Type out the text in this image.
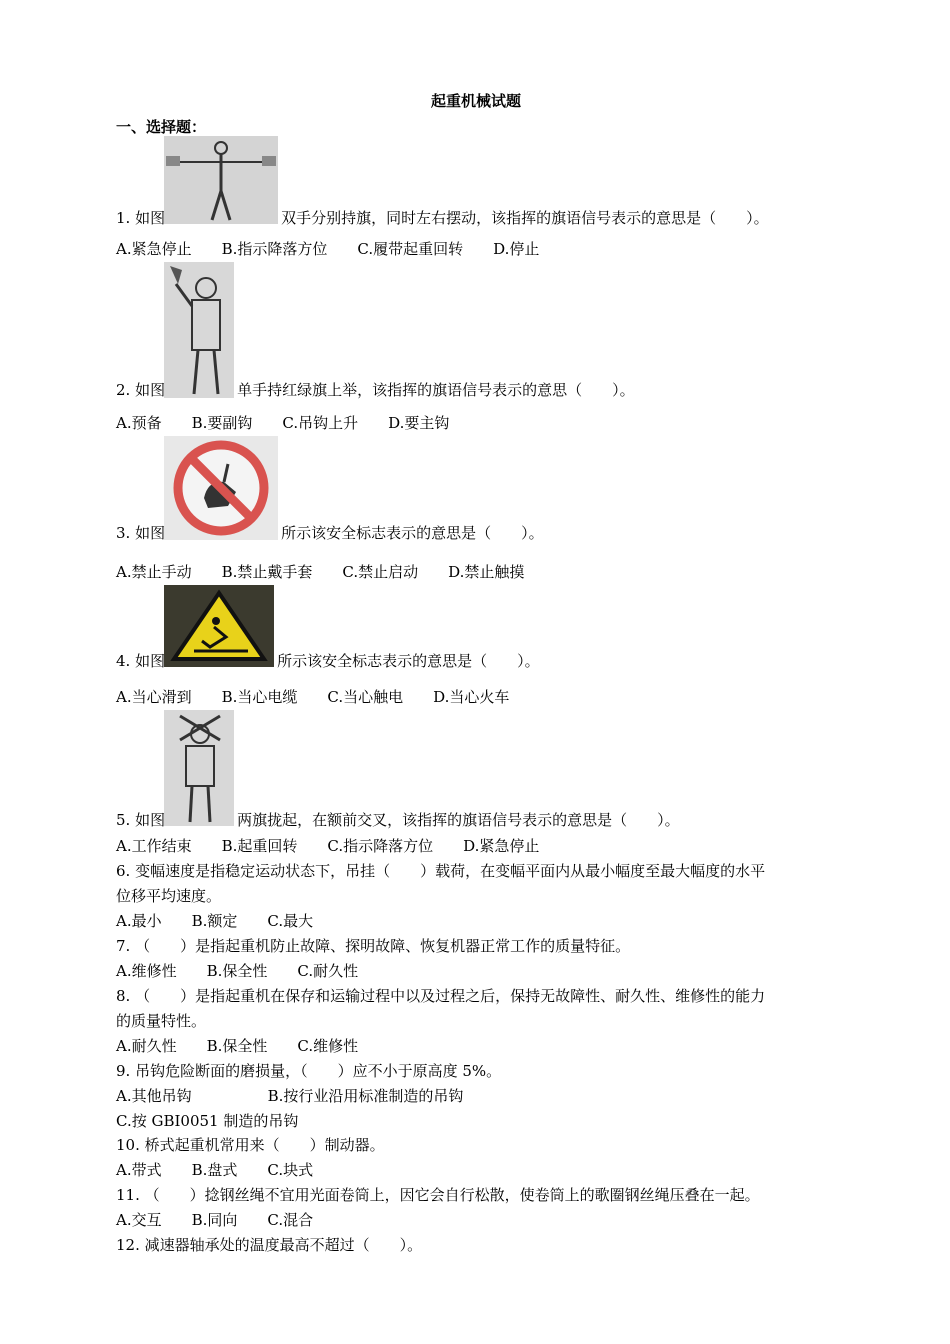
起重机械试题
一、选择题：
1. 如图	双手分别持旗，同时左右摆动，该指挥的旗语信号表示的意思是（　　）。
A.紧急停止 B.指示降落方位 C.履带起重回转 D.停止
2. 如图	单手持红绿旗上举，该指挥的旗语信号表示的意思（　　）。
A.预备 B.要副钩 C.吊钩上升 D.要主钩
3. 如图	所示该安全标志表示的意思是（　　）。
A.禁止手动 B.禁止戴手套 C.禁止启动 D.禁止触摸
4. 如图	所示该安全标志表示的意思是（　　）。
A.当心滑到 B.当心电缆 C.当心触电 D.当心火车
5. 如图	两旗拢起，在额前交叉，该指挥的旗语信号表示的意思是（　　）。
A.工作结束 B.起重回转 C.指示降落方位 D.紧急停止
6. 变幅速度是指稳定运动状态下，吊挂（　　）载荷，在变幅平面内从最小幅度至最大幅度的水平
位移平均速度。
A.最小 B.额定 C.最大
7. （　　）是指起重机防止故障、探明故障、恢复机器正常工作的质量特征。
A.维修性 B.保全性 C.耐久性
8. （　　）是指起重机在保存和运输过程中以及过程之后，保持无故障性、耐久性、维修性的能力
的质量特性。
A.耐久性 B.保全性 C.维修性
9. 吊钩危险断面的磨损量，（　　）应不小于原高度 5%。
A.其他吊钩	B.按行业沿用标准制造的吊钩
C.按 GBI0051 制造的吊钩
10. 桥式起重机常用来（　　）制动器。
A.带式 B.盘式 C.块式
11. （　　）捻钢丝绳不宜用光面卷筒上，因它会自行松散，使卷筒上的歌圈钢丝绳压叠在一起。
A.交互 B.同向 C.混合
12. 减速器轴承处的温度最高不超过（　　）。
